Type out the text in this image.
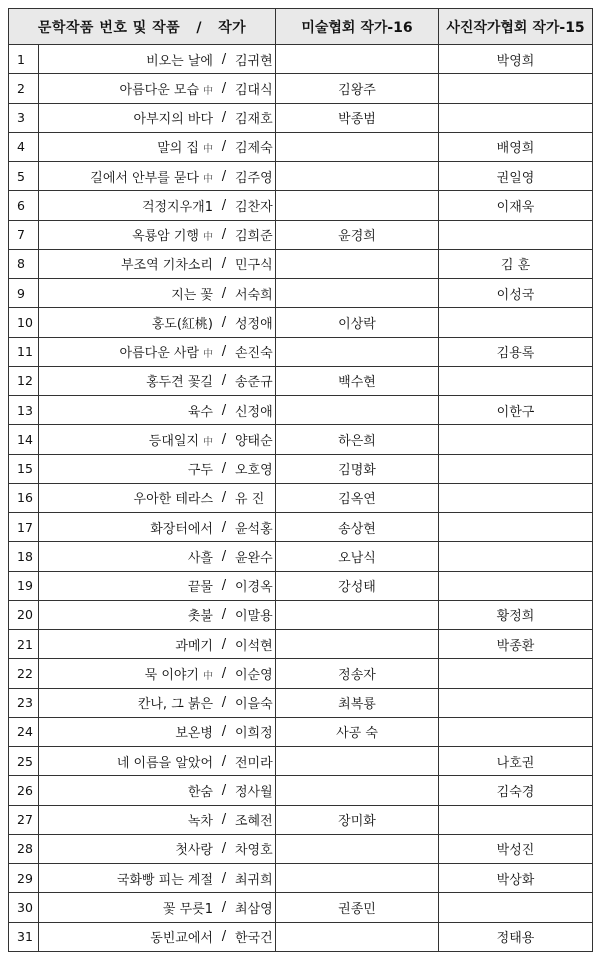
문학작품 번호 및 작품 / 작가		미술협회 작가-16	사진작가협회 작가-15
1	비오는 날에 / 김귀현		박영희
2	아름다운 모습 中 / 김대식	김왕주	
3	아부지의 바다 / 김재호	박종범	
4	말의 집 中 / 김제숙		배영희
5	길에서 안부를 묻다 中 / 김주영		권일영
6	걱정지우개1 / 김찬자		이재욱
7	옥룡암 기행 中 / 김희준	윤경희	
8	부조역 기차소리 / 민구식		김 훈
9	지는 꽃 / 서숙희		이성국
10	홍도(紅桃) / 성정애	이상락	
11	아름다운 사람 中 / 손진숙		김용록
12	홍두견 꽃길 / 송준규	백수현	
13	육수 / 신정애		이한구
14	등대일지 中 / 양태순	하은희	
15	구두 / 오호영	김명화	
16	우아한 테라스 / 유 진	김옥연	
17	화장터에서 / 윤석홍	송상현	
18	사흘 / 윤완수	오남식	
19	끝물 / 이경옥	강성태	
20	촛불 / 이말용		황정희
21	과메기 / 이석현		박종환
22	묵 이야기 中 / 이순영	정송자	
23	칸나, 그 붉은 / 이을숙	최복룡	
24	보온병 / 이희정	사공 숙	
25	네 이름을 알았어 / 전미라		나호권
26	한숨 / 정사월		김숙경
27	녹차 / 조혜전	장미화	
28	첫사랑 / 차영호		박성진
29	국화빵 피는 계절 / 최귀희		박상화
30	꽃 무릇1 / 최삼영	권종민	
31	동빈교에서 / 한국건		정태용
